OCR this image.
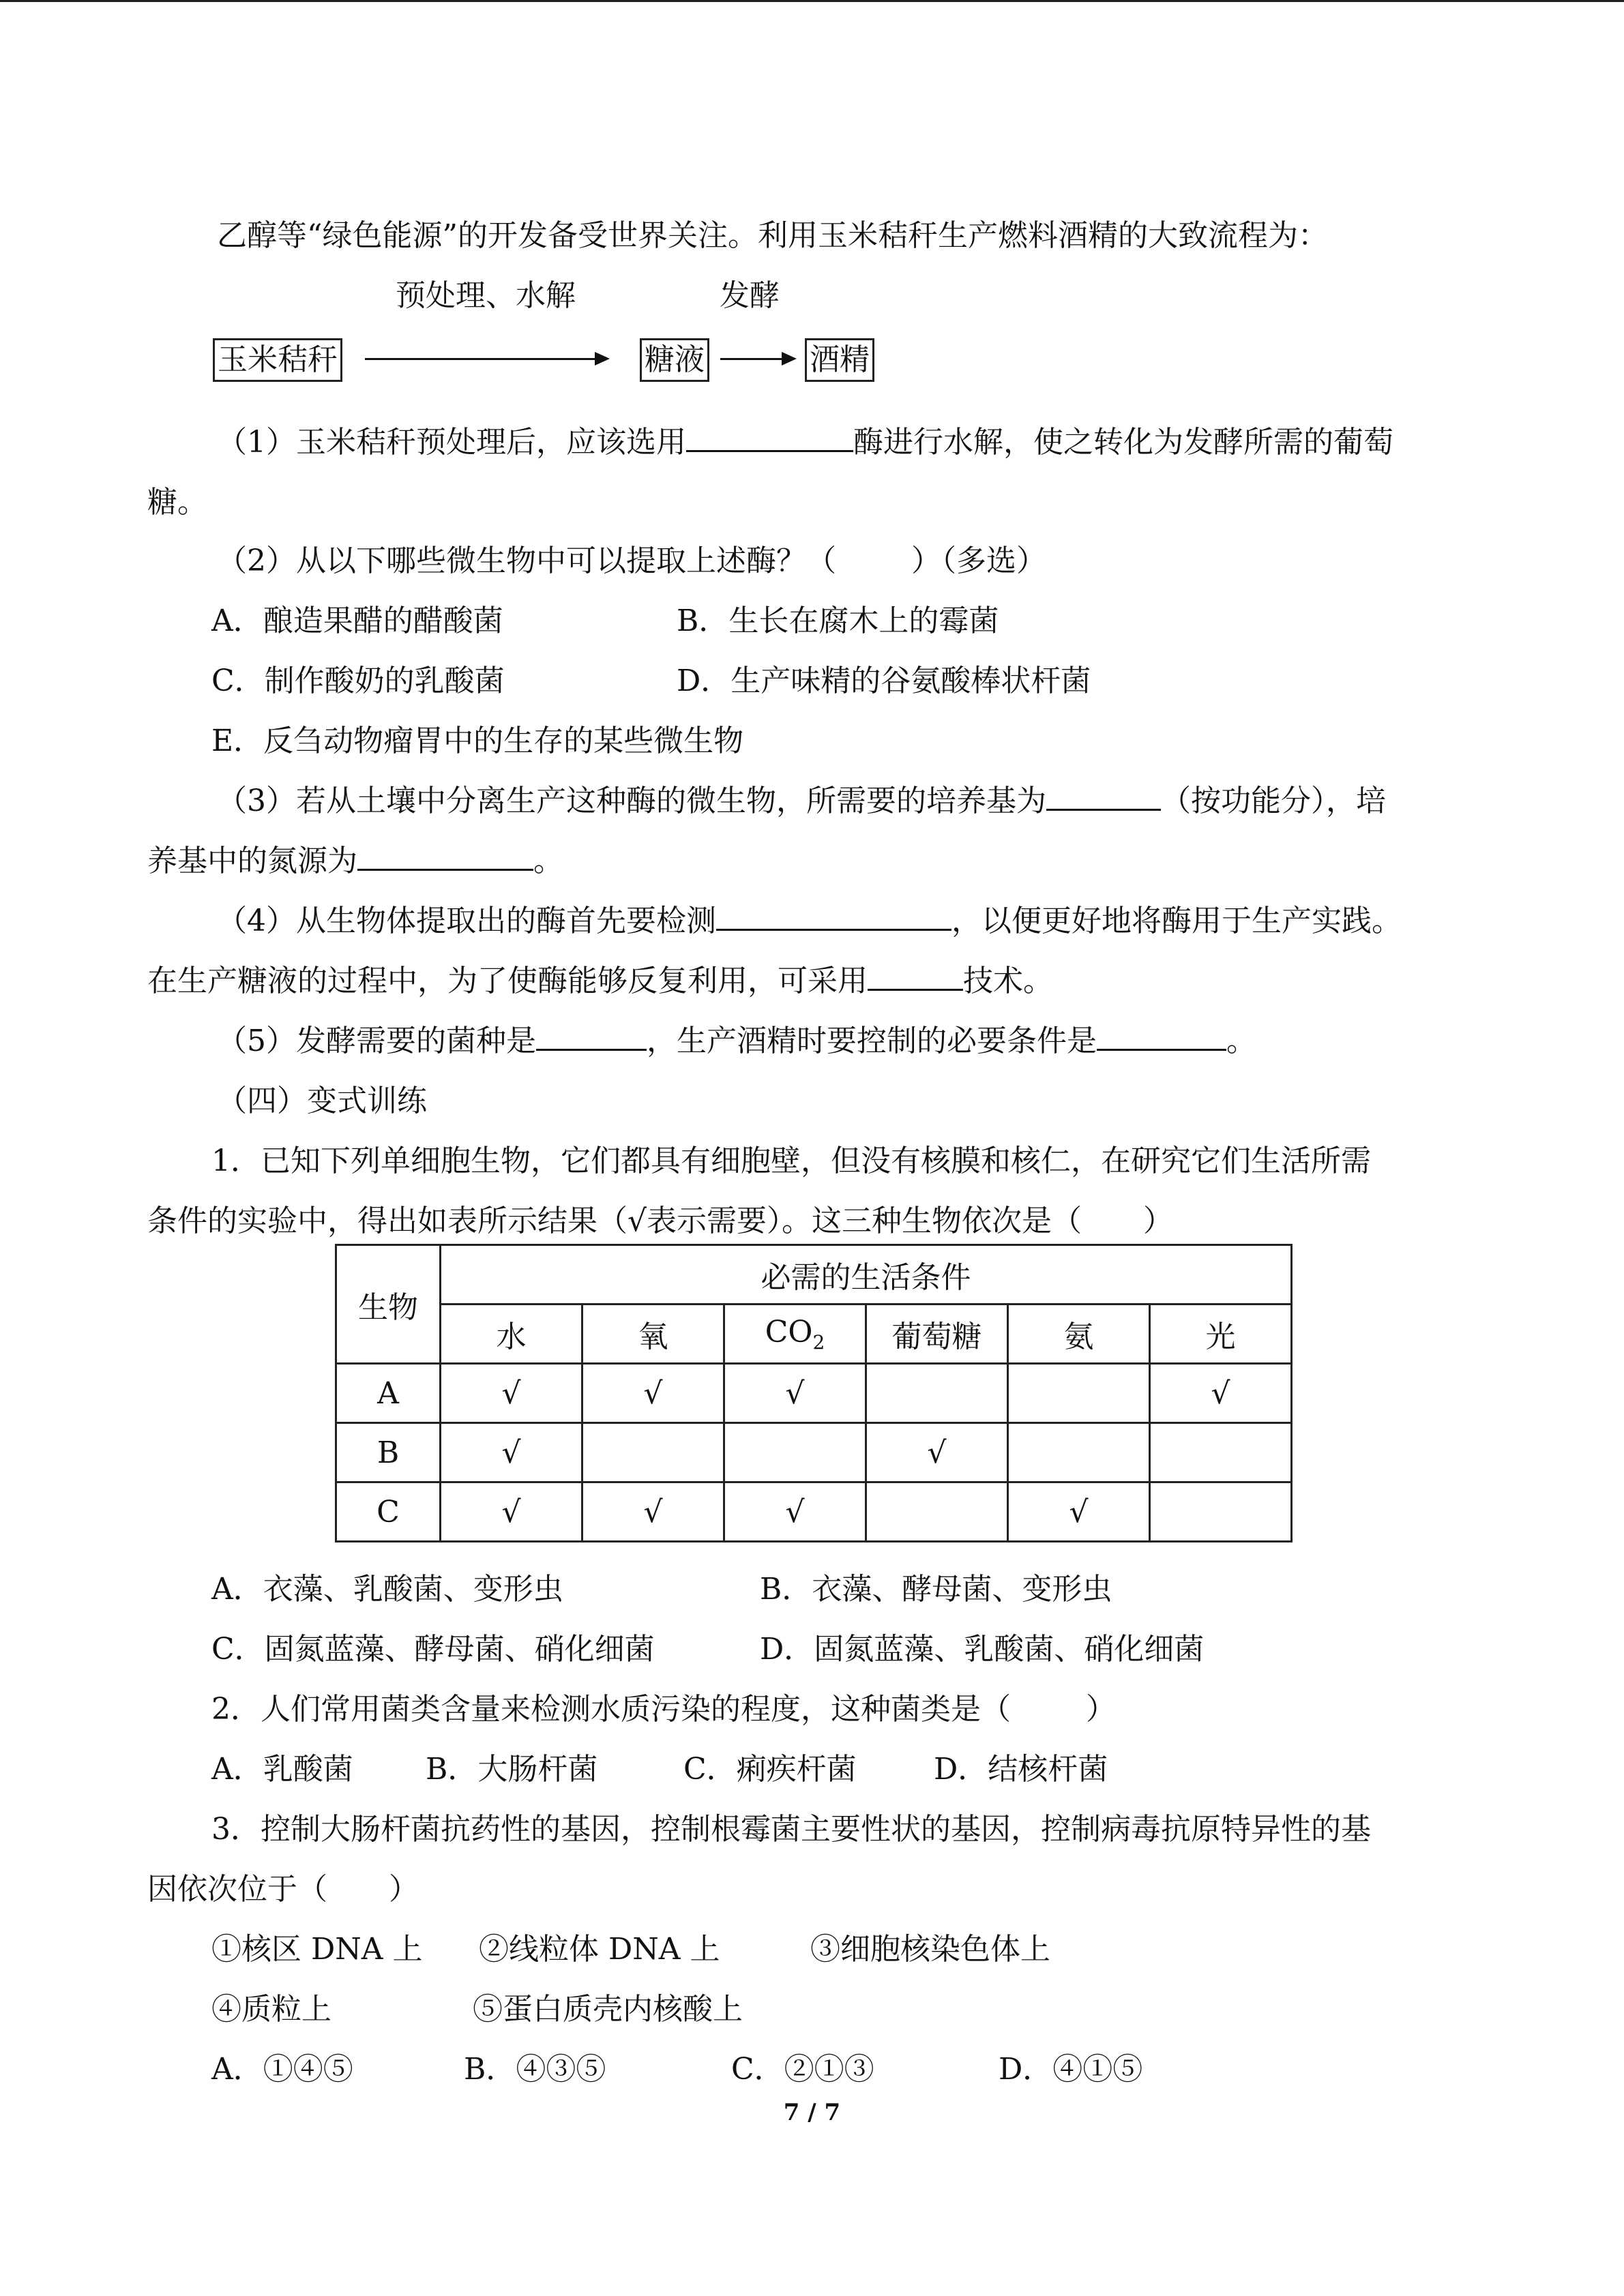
乙醇等“绿色能源”的开发备受世界关注。利用玉米秸秆生产燃料酒精的大致流程为：
预处理、水解	发酵
玉米秸秆	糖液	酒精
（1）玉米秸秆预处理后，应该选用	酶进行水解，使之转化为发酵所需的葡萄
糖。
（2）从以下哪些微生物中可以提取上述酶？（	）（多选）
A．酿造果醋的醋酸菌	B．生长在腐木上的霉菌
C．制作酸奶的乳酸菌	D．生产味精的谷氨酸棒状杆菌
E．反刍动物瘤胃中的生存的某些微生物
（3）若从土壤中分离生产这种酶的微生物，所需要的培养基为	（按功能分），培
养基中的氮源为	。
（4）从生物体提取出的酶首先要检测	，以便更好地将酶用于生产实践。
在生产糖液的过程中，为了使酶能够反复利用，可采用	技术。
（5）发酵需要的菌种是	，生产酒精时要控制的必要条件是	。
（四）变式训练
1．已知下列单细胞生物，它们都具有细胞壁，但没有核膜和核仁，在研究它们生活所需
条件的实验中，得出如表所示结果（√表示需要）。这三种生物依次是（ ）
生物	必需的生活条件					
	水	氧	$CO_2$	葡萄糖	氨	光
A	√	√	√			√
B	√			√		
C	√	√	√		√	
A．衣藻、乳酸菌、变形虫	B．衣藻、酵母菌、变形虫
C．固氮蓝藻、酵母菌、硝化细菌	D．固氮蓝藻、乳酸菌、硝化细菌
2．人们常用菌类含量来检测水质污染的程度，这种菌类是（	）
A．乳酸菌 B．大肠杆菌	C．痢疾杆菌	D．结核杆菌
3．控制大肠杆菌抗药性的基因，控制根霉菌主要性状的基因，控制病毒抗原特异性的基
因依次位于（ ）
①核区 DNA 上 ②线粒体 DNA 上	③细胞核染色体上
④质粒上	⑤蛋白质壳内核酸上
A．①④⑤	B．④③⑤	C．②①③	D．④①⑤
7 / 7
